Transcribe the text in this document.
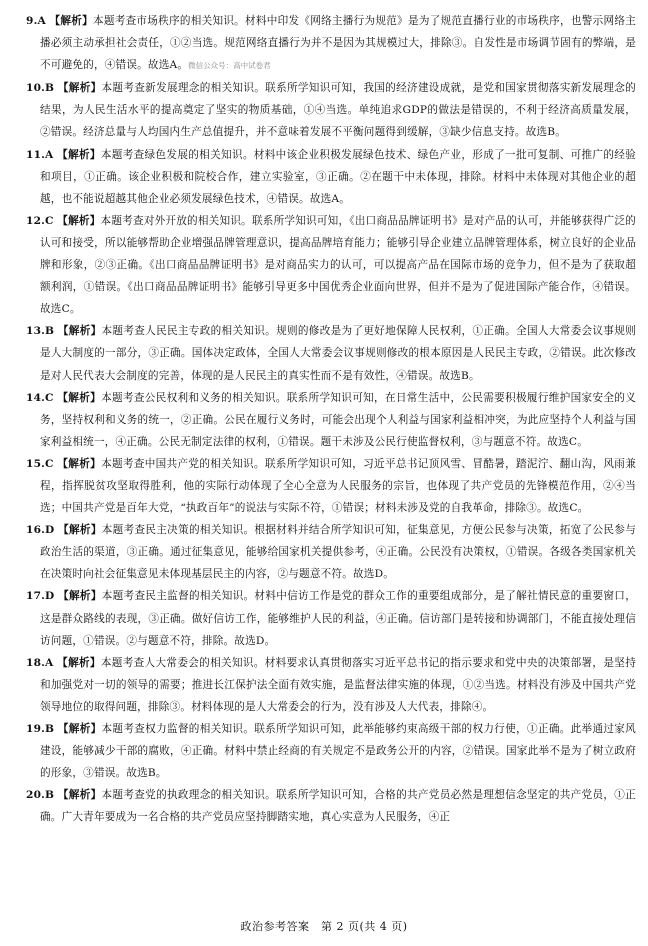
9.A 【解析】本题考查市场秩序的相关知识。材料中印发《网络主播行为规范》是为了规范直播行业的市场秩序，也警示网络主播必须主动承担社会责任，①②当选。规范网络直播行为并不是因为其规模过大，排除③。自发性是市场调节固有的弊端，是不可避免的，④错误。故选A。微信公众号：高中试卷君

10.B 【解析】本题考查新发展理念的相关知识。联系所学知识可知，我国的经济建设成就，是党和国家贯彻落实新发展理念的结果，为人民生活水平的提高奠定了坚实的物质基础，①④当选。单纯追求GDP的做法是错误的，不利于经济高质量发展，②错误。经济总量与人均国内生产总值提升，并不意味着发展不平衡问题得到缓解，③缺少信息支持。故选B。

11.A 【解析】本题考查绿色发展的相关知识。材料中该企业积极发展绿色技术、绿色产业，形成了一批可复制、可推广的经验和项目，①正确。该企业积极和院校合作，建立实验室，③正确。②在题干中未体现，排除。材料中未体现对其他企业的超越，也不能说超越其他企业必须发展绿色技术，④错误。故选A。

12.C 【解析】本题考查对外开放的相关知识。联系所学知识可知，《出口商品品牌证明书》是对产品的认可，并能够获得广泛的认可和接受，所以能够帮助企业增强品牌管理意识，提高品牌培育能力；能够引导企业建立品牌管理体系，树立良好的企业品牌和形象，②③正确。《出口商品品牌证明书》是对商品实力的认可，可以提高产品在国际市场的竞争力，但不是为了获取超额利润，①错误。《出口商品品牌证明书》能够引导更多中国优秀企业面向世界，但并不是为了促进国际产能合作，④错误。故选C。

13.B 【解析】本题考查人民民主专政的相关知识。规则的修改是为了更好地保障人民权利，①正确。全国人大常委会议事规则是人大制度的一部分，③正确。国体决定政体，全国人大常委会议事规则修改的根本原因是人民民主专政，②错误。此次修改是对人民代表大会制度的完善，体现的是人民民主的真实性而不是有效性，④错误。故选B。

14.C 【解析】本题考查公民权利和义务的相关知识。联系所学知识可知，在日常生活中，公民需要积极履行维护国家安全的义务，坚持权利和义务的统一，②正确。公民在履行义务时，可能会出现个人利益与国家利益相冲突，为此应坚持个人利益与国家利益相统一，④正确。公民无制定法律的权利，①错误。题干未涉及公民行使监督权利，③与题意不符。故选C。

15.C 【解析】本题考查中国共产党的相关知识。联系所学知识可知，习近平总书记顶风雪、冒酷暑，踏泥泞、翻山沟，风雨兼程，指挥脱贫攻坚取得胜利，他的实际行动体现了全心全意为人民服务的宗旨，也体现了共产党员的先锋模范作用，②④当选；中国共产党是百年大党，“执政百年”的说法与实际不符，①错误；材料未涉及党的自我革命，排除③。故选C。

16.D 【解析】本题考查民主决策的相关知识。根据材料并结合所学知识可知，征集意见，方便公民参与决策，拓宽了公民参与政治生活的渠道，③正确。通过征集意见，能够给国家机关提供参考，④正确。公民没有决策权，①错误。各级各类国家机关在决策时向社会征集意见未体现基层民主的内容，②与题意不符。故选D。

17.D 【解析】本题考查民主监督的相关知识。材料中信访工作是党的群众工作的重要组成部分，是了解社情民意的重要窗口，这是群众路线的表现，③正确。做好信访工作，能够维护人民的利益，④正确。信访部门是转接和协调部门，不能直接处理信访问题，①错误。②与题意不符，排除。故选D。

18.A 【解析】本题考查人大常委会的相关知识。材料要求认真贯彻落实习近平总书记的指示要求和党中央的决策部署，是坚持和加强党对一切的领导的需要；推进长江保护法全面有效实施，是监督法律实施的体现，①②当选。材料没有涉及中国共产党领导地位的取得问题，排除③。材料体现的是人大常委会的行为，没有涉及人大代表，排除④。

19.B 【解析】本题考查权力监督的相关知识。联系所学知识可知，此举能够约束高级干部的权力行使，①正确。此举通过家风建设，能够减少干部的腐败，④正确。材料中禁止经商的有关规定不是政务公开的内容，②错误。国家此举不是为了树立政府的形象，③错误。故选B。

20.B 【解析】本题考查党的执政理念的相关知识。联系所学知识可知，合格的共产党员必然是理想信念坚定的共产党员，①正确。广大青年要成为一名合格的共产党员应坚持脚踏实地，真心实意为人民服务，④正

政治参考答案　第 2 页(共 4 页)
